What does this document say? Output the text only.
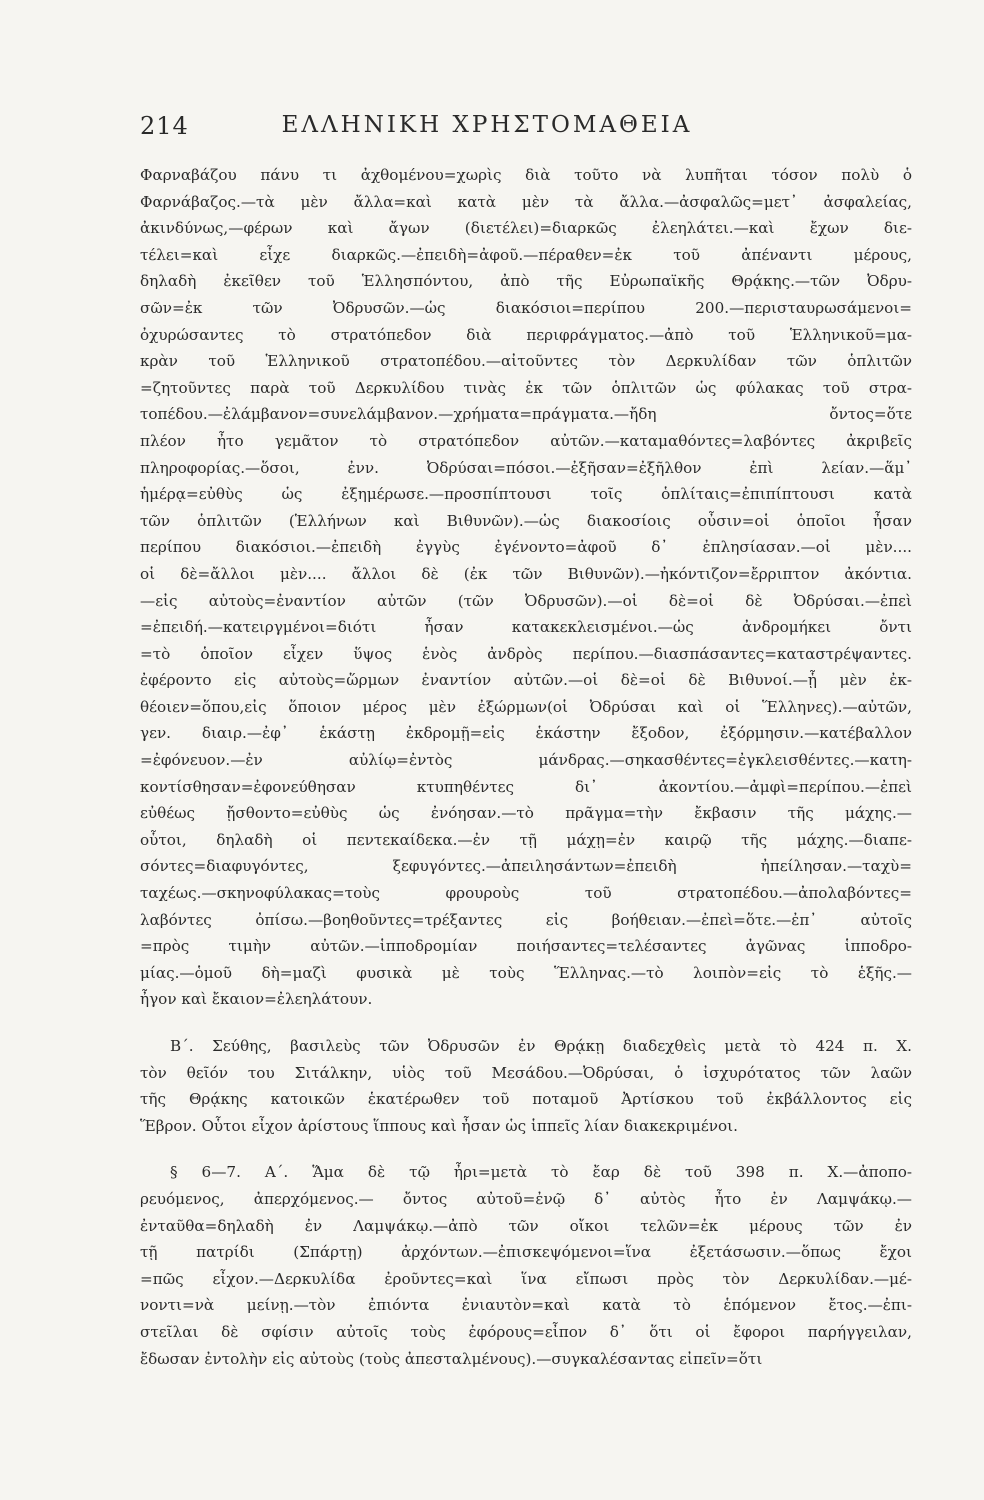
214	ΕΛΛΗΝΙΚΗ ΧΡΗΣΤΟΜΑΘΕΙΑ
Φαρναβάζου πάνυ τι ἀχθομένου=χωρὶς διὰ τοῦτο νὰ λυπῆται τόσον πολὺ ὁ
Φαρνάβαζος.—τὰ μὲν ἄλλα=καὶ κατὰ μὲν τὰ ἄλλα.—ἀσφαλῶς=μετ᾽ ἀσφαλείας,
ἀκινδύνως,—φέρων καὶ ἄγων (διετέλει)=διαρκῶς ἐλεηλάτει.—καὶ ἔχων διε-
τέλει=καὶ εἶχε διαρκῶς.—ἐπειδὴ=ἀφοῦ.—πέραθεν=ἐκ τοῦ ἀπέναντι μέρους,
δηλαδὴ ἐκεῖθεν τοῦ Ἑλλησπόντου, ἀπὸ τῆς Εὐρωπαϊκῆς Θρᾴκης.—τῶν Ὀδρυ-
σῶν=ἐκ τῶν Ὀδρυσῶν.—ὡς διακόσιοι=περίπου 200.—περισταυρωσάμενοι=
ὀχυρώσαντες τὸ στρατόπεδον διὰ περιφράγματος.—ἀπὸ τοῦ Ἑλληνικοῦ=μα-
κρὰν τοῦ Ἑλληνικοῦ στρατοπέδου.—αἰτοῦντες τὸν Δερκυλίδαν τῶν ὁπλιτῶν
=ζητοῦντες παρὰ τοῦ Δερκυλίδου τινὰς ἐκ τῶν ὁπλιτῶν ὡς φύλακας τοῦ στρα-
τοπέδου.—ἐλάμβανον=συνελάμβανον.—χρήματα=πράγματα.—ἤδη ὄντος=ὅτε
πλέον ἦτο γεμᾶτον τὸ στρατόπεδον αὐτῶν.—καταμαθόντες=λαβόντες ἀκριβεῖς
πληροφορίας.—ὅσοι, ἐνν. Ὀδρύσαι=πόσοι.—ἐξῆσαν=ἐξῆλθον ἐπὶ λείαν.—ἅμ᾽
ἡμέρᾳ=εὐθὺς ὡς ἐξημέρωσε.—προσπίπτουσι τοῖς ὁπλίταις=ἐπιπίπτουσι κατὰ
τῶν ὁπλιτῶν (Ἑλλήνων καὶ Βιθυνῶν).—ὡς διακοσίοις οὖσιν=οἱ ὁποῖοι ἦσαν
περίπου διακόσιοι.—ἐπειδὴ ἐγγὺς ἐγένοντο=ἀφοῦ δ᾽ ἐπλησίασαν.—οἱ μὲν....
οἱ δὲ=ἄλλοι μὲν.... ἄλλοι δὲ (ἐκ τῶν Βιθυνῶν).—ἠκόντιζον=ἔρριπτον ἀκόντια.
—εἰς αὐτοὺς=ἐναντίον αὐτῶν (τῶν Ὀδρυσῶν).—οἱ δὲ=οἱ δὲ Ὀδρύσαι.—ἐπεὶ
=ἐπειδή.—κατειργμένοι=διότι ἦσαν κατακεκλεισμένοι.—ὡς ἀνδρομήκει ὄντι
=τὸ ὁποῖον εἶχεν ὕψος ἑνὸς ἀνδρὸς περίπου.—διασπάσαντες=καταστρέψαντες.
ἐφέροντο εἰς αὐτοὺς=ὥρμων ἐναντίον αὐτῶν.—οἱ δὲ=οἱ δὲ Βιθυνοί.—ᾗ μὲν ἐκ-
θέοιεν=ὅπου,εἰς ὅποιον μέρος μὲν ἐξώρμων(οἱ Ὀδρύσαι καὶ οἱ Ἕλληνες).—αὐτῶν,
γεν. διαιρ.—ἐφ᾽ ἑκάστῃ ἐκδρομῇ=εἰς ἑκάστην ἔξοδον, ἐξόρμησιν.—κατέβαλλον
=ἐφόνευον.—ἐν αὐλίῳ=ἐντὸς μάνδρας.—σηκασθέντες=ἐγκλεισθέντες.—κατη-
κοντίσθησαν=ἐφονεύθησαν κτυπηθέντες δι᾽ ἀκοντίου.—ἀμφὶ=περίπου.—ἐπεὶ
εὐθέως ᾔσθοντο=εὐθὺς ὡς ἐνόησαν.—τὸ πρᾶγμα=τὴν ἔκβασιν τῆς μάχης.—
οὗτοι, δηλαδὴ οἱ πεντεκαίδεκα.—ἐν τῇ μάχῃ=ἐν καιρῷ τῆς μάχης.—διαπε-
σόντες=διαφυγόντες, ξεφυγόντες.—ἀπειλησάντων=ἐπειδὴ ἠπείλησαν.—ταχὺ=
ταχέως.—σκηνοφύλακας=τοὺς φρουροὺς τοῦ στρατοπέδου.—ἀπολαβόντες=
λαβόντες ὀπίσω.—βοηθοῦντες=τρέξαντες εἰς βοήθειαν.—ἐπεὶ=ὅτε.—ἐπ᾽ αὐτοῖς
=πρὸς τιμὴν αὐτῶν.—ἱπποδρομίαν ποιήσαντες=τελέσαντες ἀγῶνας ἱπποδρο-
μίας.—ὁμοῦ δὴ=μαζὶ φυσικὰ μὲ τοὺς Ἕλληνας.—τὸ λοιπὸν=εἰς τὸ ἑξῆς.—
ἦγον καὶ ἔκαιον=ἐλεηλάτουν.
Β΄. Σεύθης, βασιλεὺς τῶν Ὀδρυσῶν ἐν Θρᾴκῃ διαδεχθεὶς μετὰ τὸ 424 π. Χ.
τὸν θεῖόν του Σιτάλκην, υἱὸς τοῦ Μεσάδου.—Ὀδρύσαι, ὁ ἰσχυρότατος τῶν λαῶν
τῆς Θρᾴκης κατοικῶν ἑκατέρωθεν τοῦ ποταμοῦ Ἀρτίσκου τοῦ ἐκβάλλοντος εἰς
Ἕβρον. Οὗτοι εἶχον ἀρίστους ἵππους καὶ ἦσαν ὡς ἱππεῖς λίαν διακεκριμένοι.
§ 6—7. Α΄. Ἅμα δὲ τῷ ἦρι=μετὰ τὸ ἔαρ δὲ τοῦ 398 π. Χ.—ἀποπο-
ρευόμενος, ἀπερχόμενος.— ὄντος αὐτοῦ=ἐνῷ δ᾽ αὐτὸς ἦτο ἐν Λαμψάκῳ.—
ἐνταῦθα=δηλαδὴ ἐν Λαμψάκῳ.—ἀπὸ τῶν οἴκοι τελῶν=ἐκ μέρους τῶν ἐν
τῇ πατρίδι (Σπάρτῃ) ἀρχόντων.—ἐπισκεψόμενοι=ἵνα ἐξετάσωσιν.—ὅπως ἔχοι
=πῶς εἶχον.—Δερκυλίδα ἐροῦντες=καὶ ἵνα εἴπωσι πρὸς τὸν Δερκυλίδαν.—μέ-
νοντι=νὰ μείνῃ.—τὸν ἐπιόντα ἐνιαυτὸν=καὶ κατὰ τὸ ἑπόμενον ἔτος.—ἐπι-
στεῖλαι δὲ σφίσιν αὐτοῖς τοὺς ἐφόρους=εἶπον δ᾽ ὅτι οἱ ἔφοροι παρήγγειλαν,
ἔδωσαν ἐντολὴν εἰς αὐτοὺς (τοὺς ἀπεσταλμένους).—συγκαλέσαντας εἰπεῖν=ὅτι
